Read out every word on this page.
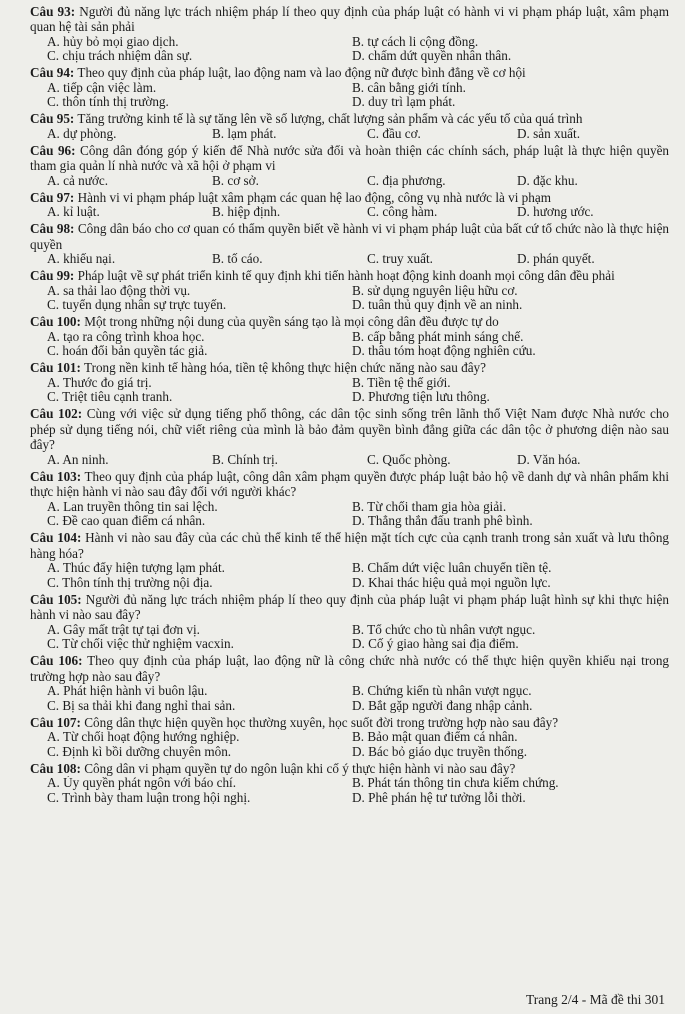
Câu 93: Người đủ năng lực trách nhiệm pháp lí theo quy định của pháp luật có hành vi vi phạm pháp luật, xâm phạm quan hệ tài sản phải
A. hủy bỏ mọi giao dịch.	B. tự cách li cộng đồng.
C. chịu trách nhiệm dân sự.	D. chấm dứt quyền nhân thân.
Câu 94: Theo quy định của pháp luật, lao động nam và lao động nữ được bình đẳng về cơ hội
A. tiếp cận việc làm.	B. cân bằng giới tính.
C. thôn tính thị trường.	D. duy trì lạm phát.
Câu 95: Tăng trưởng kinh tế là sự tăng lên về số lượng, chất lượng sản phẩm và các yếu tố của quá trình
A. dự phòng.	B. lạm phát.	C. đầu cơ.	D. sản xuất.
Câu 96: Công dân đóng góp ý kiến để Nhà nước sửa đổi và hoàn thiện các chính sách, pháp luật là thực hiện quyền tham gia quản lí nhà nước và xã hội ở phạm vi
A. cả nước.	B. cơ sở.	C. địa phương.	D. đặc khu.
Câu 97: Hành vi vi phạm pháp luật xâm phạm các quan hệ lao động, công vụ nhà nước là vi phạm
A. kỉ luật.	B. hiệp định.	C. công hàm.	D. hương ước.
Câu 98: Công dân báo cho cơ quan có thẩm quyền biết về hành vi vi phạm pháp luật của bất cứ tổ chức nào là thực hiện quyền
A. khiếu nại.	B. tố cáo.	C. truy xuất.	D. phán quyết.
Câu 99: Pháp luật về sự phát triển kinh tế quy định khi tiến hành hoạt động kinh doanh mọi công dân đều phải
A. sa thải lao động thời vụ.	B. sử dụng nguyên liệu hữu cơ.
C. tuyển dụng nhân sự trực tuyến.	D. tuân thủ quy định về an ninh.
Câu 100: Một trong những nội dung của quyền sáng tạo là mọi công dân đều được tự do
A. tạo ra công trình khoa học.	B. cấp bằng phát minh sáng chế.
C. hoán đổi bản quyền tác giả.	D. thâu tóm hoạt động nghiên cứu.
Câu 101: Trong nền kinh tế hàng hóa, tiền tệ không thực hiện chức năng nào sau đây?
A. Thước đo giá trị.	B. Tiền tệ thế giới.
C. Triệt tiêu cạnh tranh.	D. Phương tiện lưu thông.
Câu 102: Cùng với việc sử dụng tiếng phổ thông, các dân tộc sinh sống trên lãnh thổ Việt Nam được Nhà nước cho phép sử dụng tiếng nói, chữ viết riêng của mình là bảo đảm quyền bình đẳng giữa các dân tộc ở phương diện nào sau đây?
A. An ninh.	B. Chính trị.	C. Quốc phòng.	D. Văn hóa.
Câu 103: Theo quy định của pháp luật, công dân xâm phạm quyền được pháp luật bảo hộ về danh dự và nhân phẩm khi thực hiện hành vi nào sau đây đối với người khác?
A. Lan truyền thông tin sai lệch.	B. Từ chối tham gia hòa giải.
C. Đề cao quan điểm cá nhân.	D. Thẳng thắn đấu tranh phê bình.
Câu 104: Hành vi nào sau đây của các chủ thể kinh tế thể hiện mặt tích cực của cạnh tranh trong sản xuất và lưu thông hàng hóa?
A. Thúc đẩy hiện tượng lạm phát.	B. Chấm dứt việc luân chuyển tiền tệ.
C. Thôn tính thị trường nội địa.	D. Khai thác hiệu quả mọi nguồn lực.
Câu 105: Người đủ năng lực trách nhiệm pháp lí theo quy định của pháp luật vi phạm pháp luật hình sự khi thực hiện hành vi nào sau đây?
A. Gây mất trật tự tại đơn vị.	B. Tổ chức cho tù nhân vượt ngục.
C. Từ chối việc thử nghiệm vacxin.	D. Cố ý giao hàng sai địa điểm.
Câu 106: Theo quy định của pháp luật, lao động nữ là công chức nhà nước có thể thực hiện quyền khiếu nại trong trường hợp nào sau đây?
A. Phát hiện hành vi buôn lậu.	B. Chứng kiến tù nhân vượt ngục.
C. Bị sa thải khi đang nghỉ thai sản.	D. Bắt gặp người đang nhập cảnh.
Câu 107: Công dân thực hiện quyền học thường xuyên, học suốt đời trong trường hợp nào sau đây?
A. Từ chối hoạt động hướng nghiệp.	B. Bảo mật quan điểm cá nhân.
C. Định kì bồi dưỡng chuyên môn.	D. Bác bỏ giáo dục truyền thống.
Câu 108: Công dân vi phạm quyền tự do ngôn luận khi cố ý thực hiện hành vi nào sau đây?
A. Ủy quyền phát ngôn với báo chí.	B. Phát tán thông tin chưa kiểm chứng.
C. Trình bày tham luận trong hội nghị.	D. Phê phán hệ tư tưởng lỗi thời.
Trang 2/4 - Mã đề thi 301
